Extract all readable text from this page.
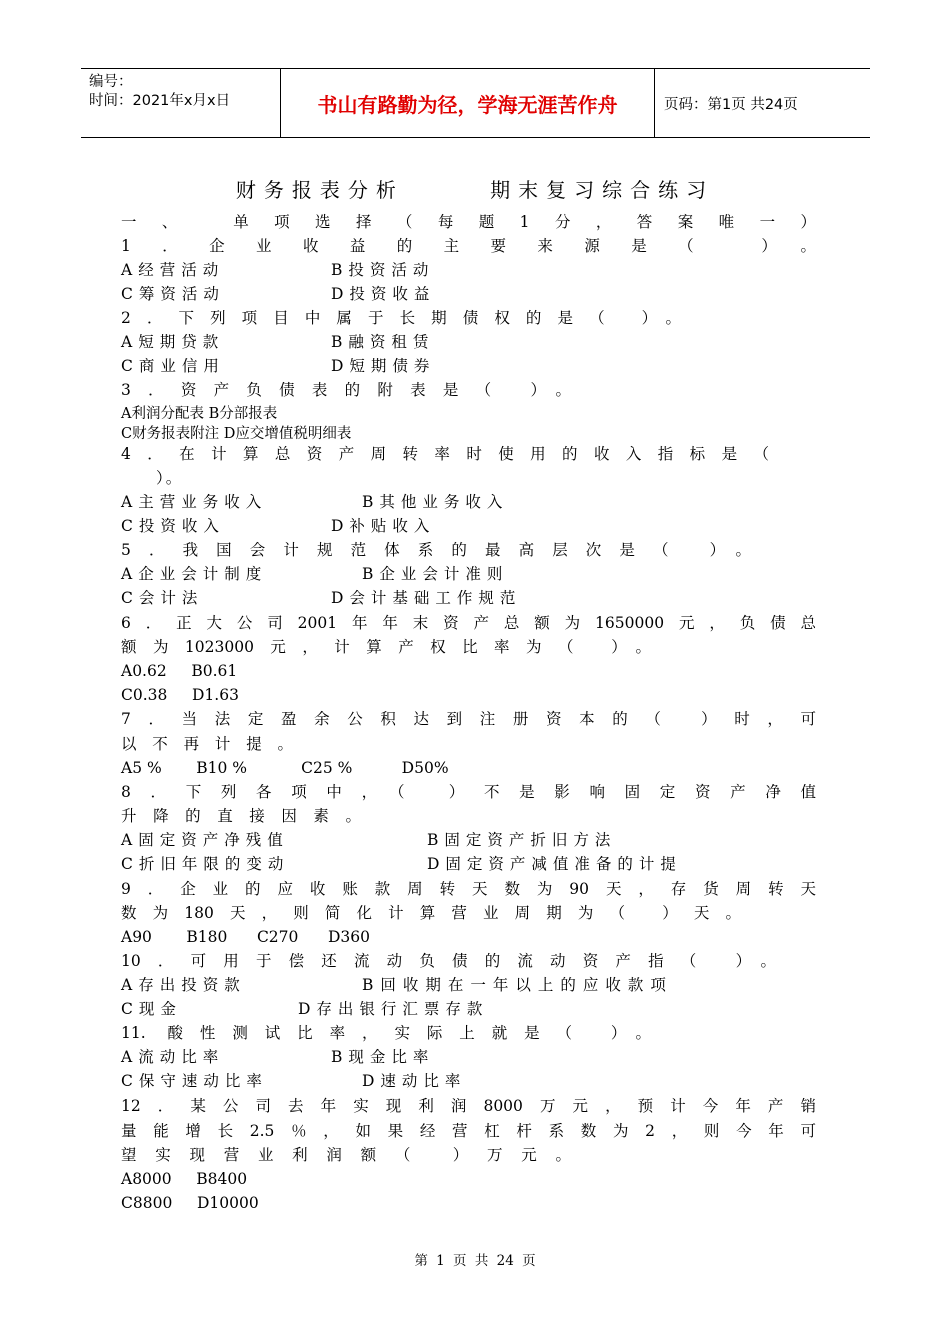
编号：
时间：2021年x月x日	书山有路勤为径，学海无涯苦作舟	页码：第1页 共24页
财务报表分析      期末复习综合练习
一、 单项选择（每题1分，答案唯一）
1．企业收益的主要来源是（ ）。
A经营活动	B投资活动
C筹资活动	D投资收益
2．下列项目中属于长期债权的是（ ）。
A短期贷款	B融资租赁
C商业信用	D短期债券
3．资产负债表的附表是（ ）。
A利润分配表 B分部报表
C财务报表附注 D应交增值税明细表
4．在计算总资产周转率时使用的收入指标是（
）。
A主营业务收入	B其他业务收入
C投资收入	D补贴收入
5．我国会计规范体系的最高层次是（ ）。
A企业会计制度	B企业会计准则
C会计法	D会计基础工作规范
6．正大公司2001年年末资产总额为1650000元，负债总
额为1023000元，计算产权比率为（ ）。
A0.62     B0.61
C0.38     D1.63
7．当法定盈余公积达到注册资本的（ ）时，可
以不再计提。
A5 %       B10 %           C25 %          D50%
8．下列各项中，（ ）不是影响固定资产净值
升降的直接因素。
A固定资产净残值	B固定资产折旧方法
C折旧年限的变动	D固定资产减值准备的计提
9．企业的应收账款周转天数为90天，存货周转天
数为180天，则简化计算营业周期为（ ）天。
A90       B180      C270      D360
10．可用于偿还流动负债的流动资产指（ ）。
A存出投资款	B回收期在一年以上的应收款项
C现金	D存出银行汇票存款
11. 酸性测试比率，实际上就是（ ）。
A流动比率	B现金比率
C保守速动比率	D速动比率
12．某公司去年实现利润8000万元，预计今年产销
量能增长2.5％，如果经营杠杆系数为2，则今年可
望实现营业利润额（ ）万元。
A8000     B8400
C8800     D10000
第 1 页 共 24 页
